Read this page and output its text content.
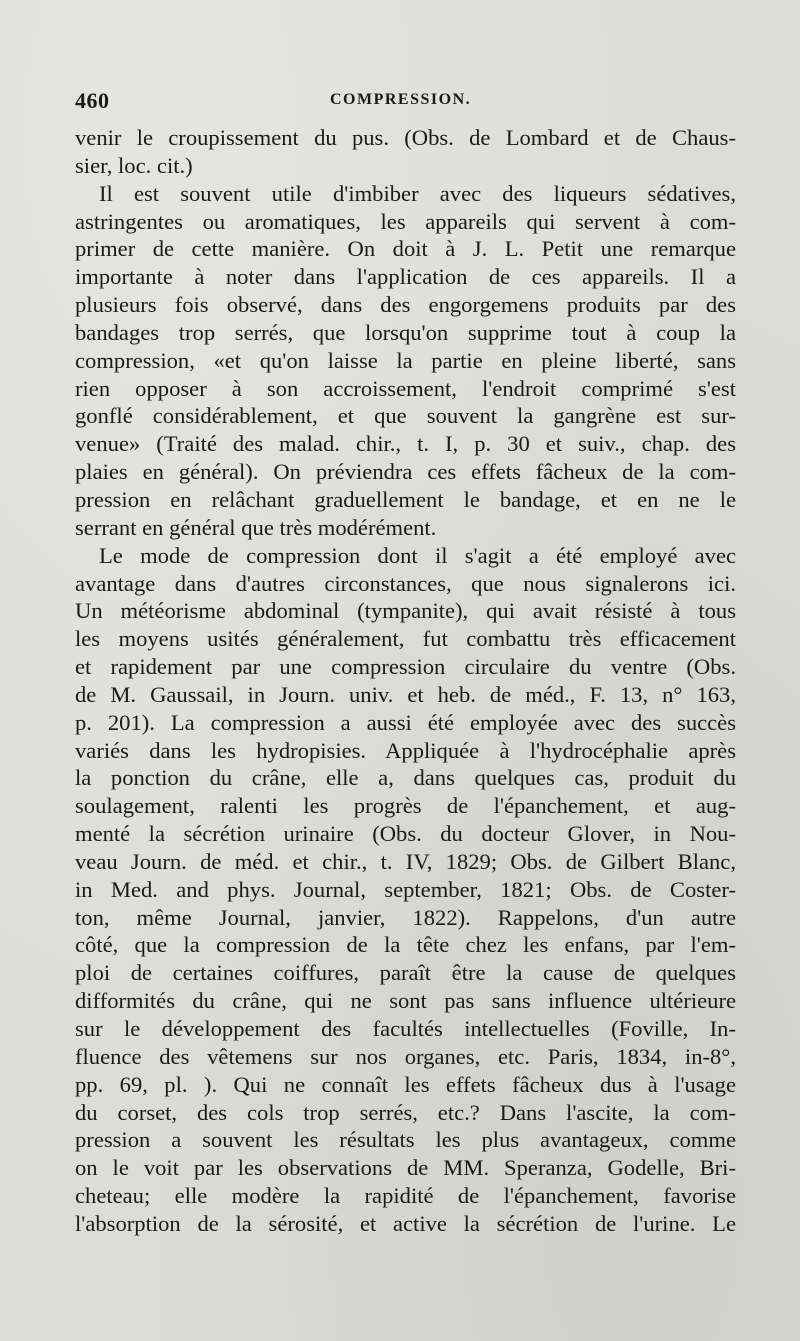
460	COMPRESSION.
venir le croupissement du pus. (Obs. de Lombard et de Chaus-
sier, loc. cit.)
Il est souvent utile d'imbiber avec des liqueurs sédatives,
astringentes ou aromatiques, les appareils qui servent à com-
primer de cette manière. On doit à J. L. Petit une remarque
importante à noter dans l'application de ces appareils. Il a
plusieurs fois observé, dans des engorgemens produits par des
bandages trop serrés, que lorsqu'on supprime tout à coup la
compression, «et qu'on laisse la partie en pleine liberté, sans
rien opposer à son accroissement, l'endroit comprimé s'est
gonflé considérablement, et que souvent la gangrène est sur-
venue» (Traité des malad. chir., t. I, p. 30 et suiv., chap. des
plaies en général). On préviendra ces effets fâcheux de la com-
pression en relâchant graduellement le bandage, et en ne le
serrant en général que très modérément.
Le mode de compression dont il s'agit a été employé avec
avantage dans d'autres circonstances, que nous signalerons ici.
Un météorisme abdominal (tympanite), qui avait résisté à tous
les moyens usités généralement, fut combattu très efficacement
et rapidement par une compression circulaire du ventre (Obs.
de M. Gaussail, in Journ. univ. et heb. de méd., F. 13, n° 163,
p. 201). La compression a aussi été employée avec des succès
variés dans les hydropisies. Appliquée à l'hydrocéphalie après
la ponction du crâne, elle a, dans quelques cas, produit du
soulagement, ralenti les progrès de l'épanchement, et aug-
menté la sécrétion urinaire (Obs. du docteur Glover, in Nou-
veau Journ. de méd. et chir., t. IV, 1829; Obs. de Gilbert Blanc,
in Med. and phys. Journal, september, 1821; Obs. de Coster-
ton, même Journal, janvier, 1822). Rappelons, d'un autre
côté, que la compression de la tête chez les enfans, par l'em-
ploi de certaines coiffures, paraît être la cause de quelques
difformités du crâne, qui ne sont pas sans influence ultérieure
sur le développement des facultés intellectuelles (Foville, In-
fluence des vêtemens sur nos organes, etc. Paris, 1834, in-8°,
pp. 69, pl. ). Qui ne connaît les effets fâcheux dus à l'usage
du corset, des cols trop serrés, etc.? Dans l'ascite, la com-
pression a souvent les résultats les plus avantageux, comme
on le voit par les observations de MM. Speranza, Godelle, Bri-
cheteau; elle modère la rapidité de l'épanchement, favorise
l'absorption de la sérosité, et active la sécrétion de l'urine. Le
